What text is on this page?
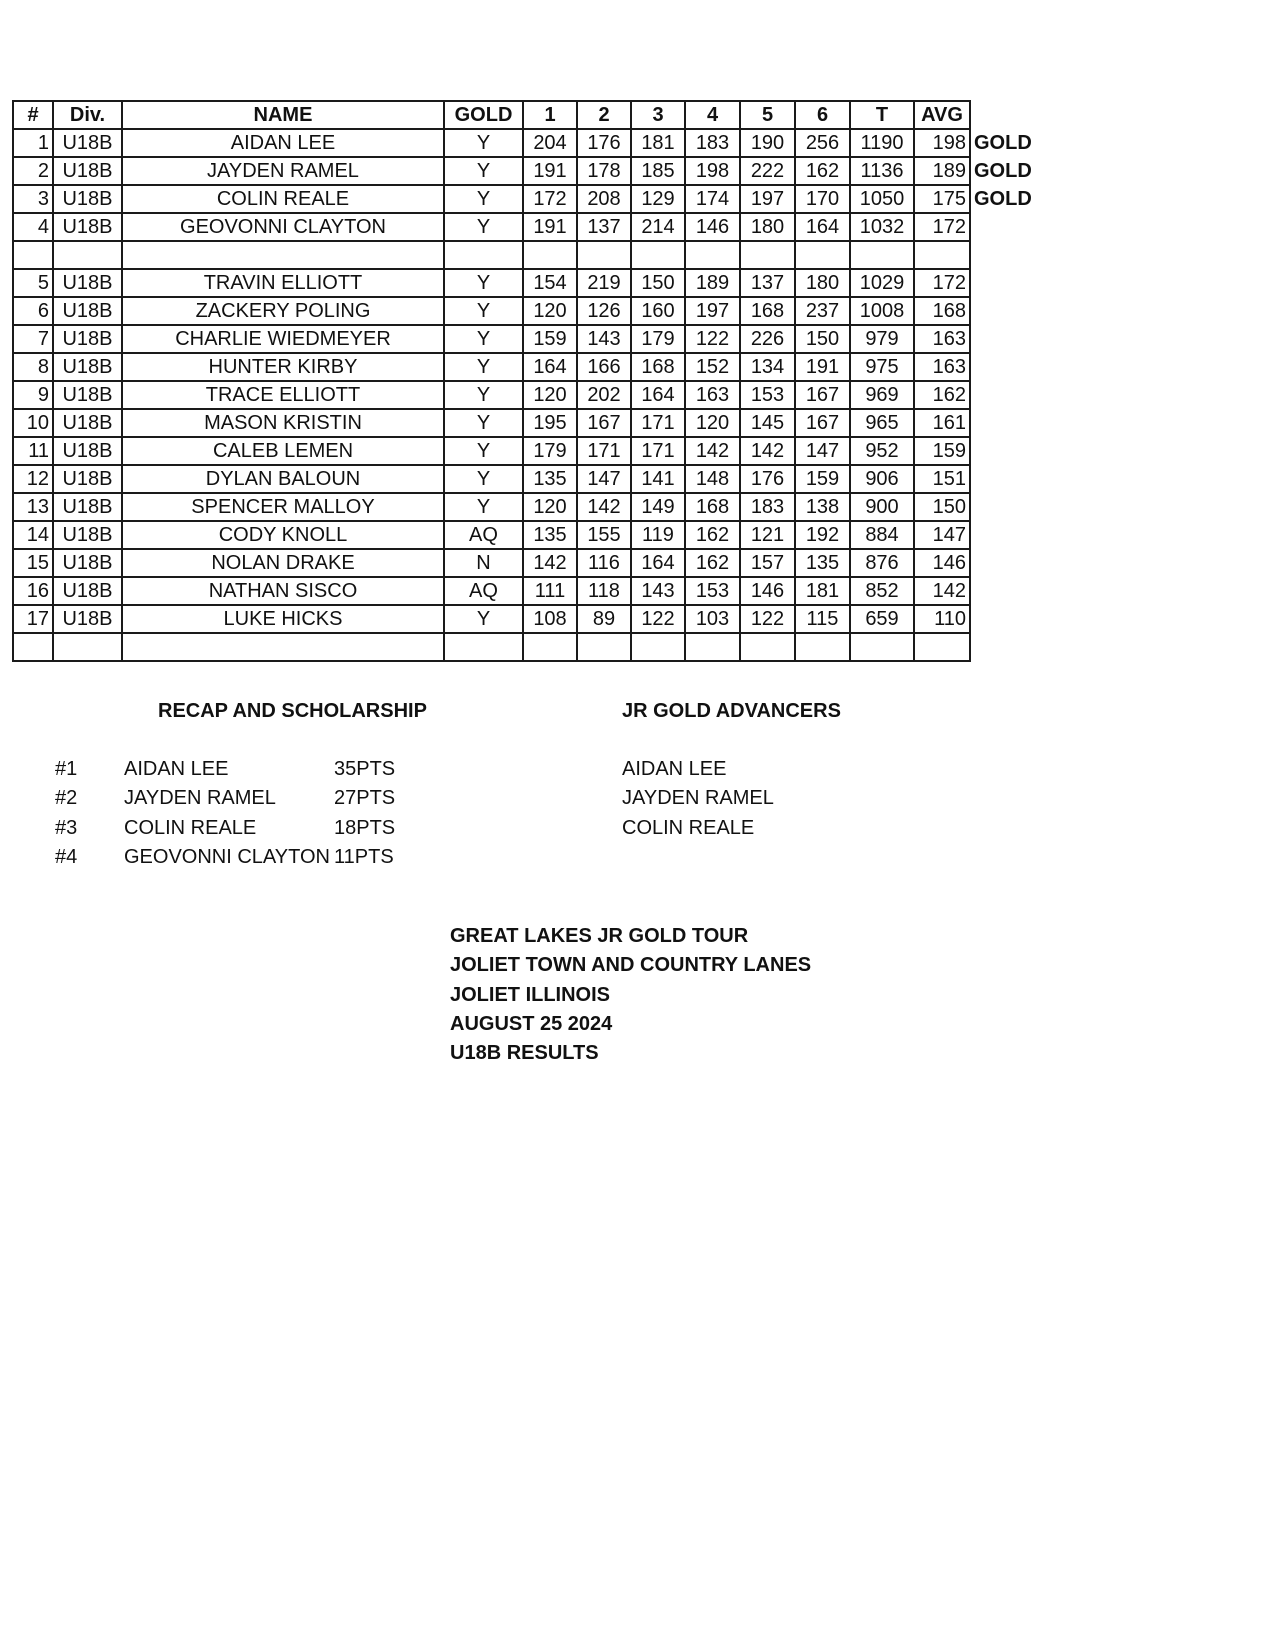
#	Div.	NAME	GOLD	1	2	3	4	5	6	T	AVG	
1	U18B	AIDAN LEE	Y	204	176	181	183	190	256	1190	198	GOLD
2	U18B	JAYDEN RAMEL	Y	191	178	185	198	222	162	1136	189	GOLD
3	U18B	COLIN REALE	Y	172	208	129	174	197	170	1050	175	GOLD
4	U18B	GEOVONNI CLAYTON	Y	191	137	214	146	180	164	1032	172	

5	U18B	TRAVIN ELLIOTT	Y	154	219	150	189	137	180	1029	172	
6	U18B	ZACKERY POLING	Y	120	126	160	197	168	237	1008	168	
7	U18B	CHARLIE WIEDMEYER	Y	159	143	179	122	226	150	979	163	
8	U18B	HUNTER KIRBY	Y	164	166	168	152	134	191	975	163	
9	U18B	TRACE ELLIOTT	Y	120	202	164	163	153	167	969	162	
10	U18B	MASON KRISTIN	Y	195	167	171	120	145	167	965	161	
11	U18B	CALEB LEMEN	Y	179	171	171	142	142	147	952	159	
12	U18B	DYLAN BALOUN	Y	135	147	141	148	176	159	906	151	
13	U18B	SPENCER MALLOY	Y	120	142	149	168	183	138	900	150	
14	U18B	CODY KNOLL	AQ	135	155	119	162	121	192	884	147	
15	U18B	NOLAN DRAKE	N	142	116	164	162	157	135	876	146	
16	U18B	NATHAN SISCO	AQ	111	118	143	153	146	181	852	142	
17	U18B	LUKE HICKS	Y	108	89	122	103	122	115	659	110	

RECAP AND SCHOLARSHIP	JR GOLD ADVANCERS
#1 AIDAN LEE	35PTS
#2 JAYDEN RAMEL	27PTS
#3 COLIN REALE	18PTS
#4 GEOVONNI CLAYTON 11PTS
AIDAN LEE
JAYDEN RAMEL
COLIN REALE
GREAT LAKES JR GOLD TOUR
JOLIET TOWN AND COUNTRY LANES
JOLIET ILLINOIS
AUGUST 25 2024
U18B RESULTS
